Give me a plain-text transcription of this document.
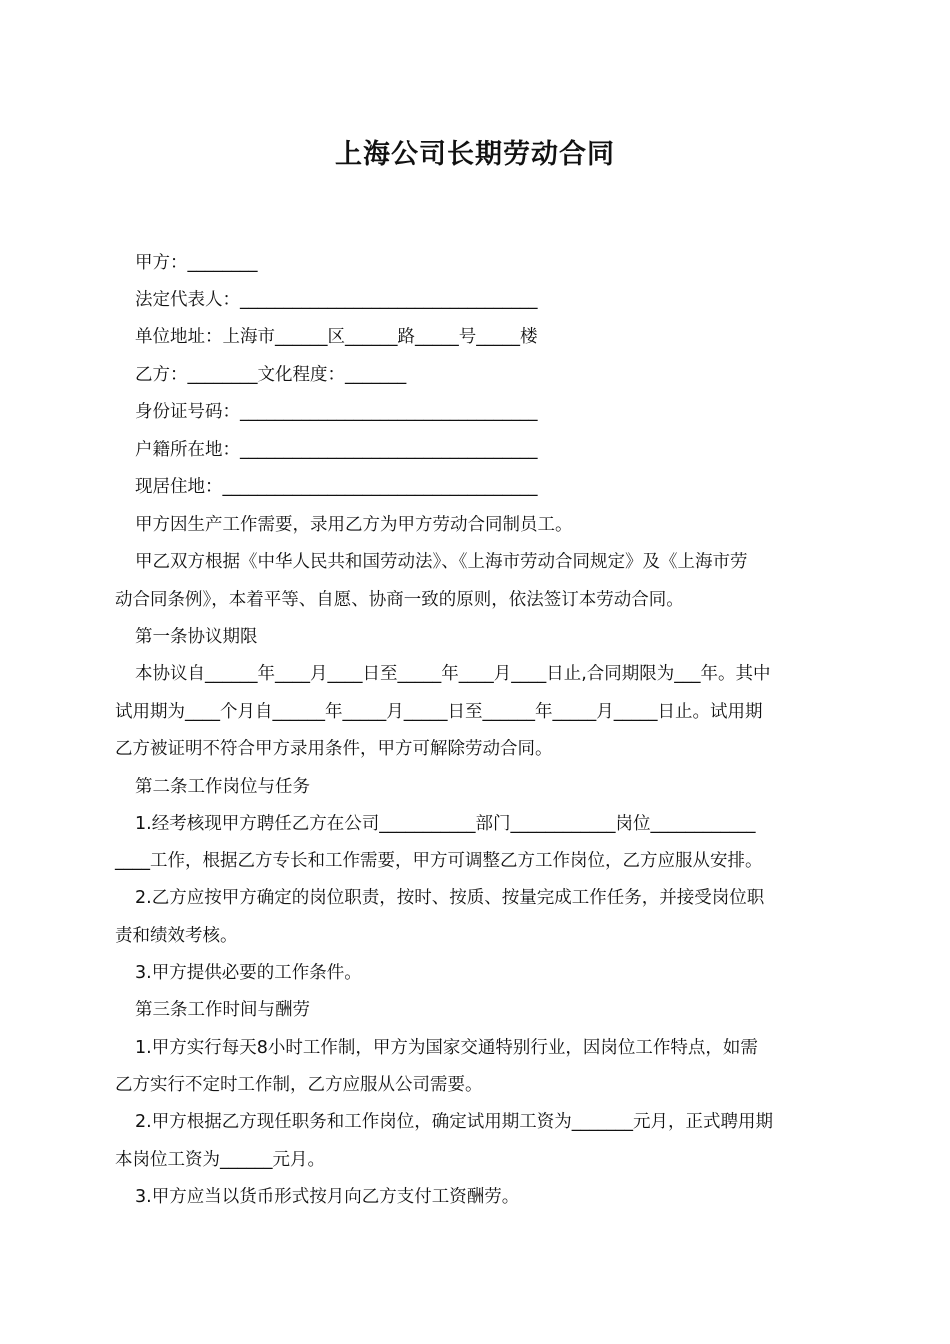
上海公司长期劳动合同
甲方：________
法定代表人：__________________________________
单位地址：上海市______区______路_____号_____楼
乙方：________文化程度：_______
身份证号码：__________________________________
户籍所在地：__________________________________
现居住地：____________________________________
甲方因生产工作需要，录用乙方为甲方劳动合同制员工。
甲乙双方根据《中华人民共和国劳动法》、《上海市劳动合同规定》及《上海市劳
动合同条例》，本着平等、自愿、协商一致的原则，依法签订本劳动合同。
第一条协议期限
本协议自______年____月____日至_____年____月____日止,合同期限为___年。其中
试用期为____个月自______年_____月_____日至______年_____月_____日止。试用期
乙方被证明不符合甲方录用条件，甲方可解除劳动合同。
第二条工作岗位与任务
1.经考核现甲方聘任乙方在公司___________部门____________岗位____________
____工作，根据乙方专长和工作需要，甲方可调整乙方工作岗位，乙方应服从安排。
2.乙方应按甲方确定的岗位职责，按时、按质、按量完成工作任务，并接受岗位职
责和绩效考核。
3.甲方提供必要的工作条件。
第三条工作时间与酬劳
1.甲方实行每天8小时工作制，甲方为国家交通特别行业，因岗位工作特点，如需
乙方实行不定时工作制，乙方应服从公司需要。
2.甲方根据乙方现任职务和工作岗位，确定试用期工资为_______元月，正式聘用期
本岗位工资为______元月。
3.甲方应当以货币形式按月向乙方支付工资酬劳。
